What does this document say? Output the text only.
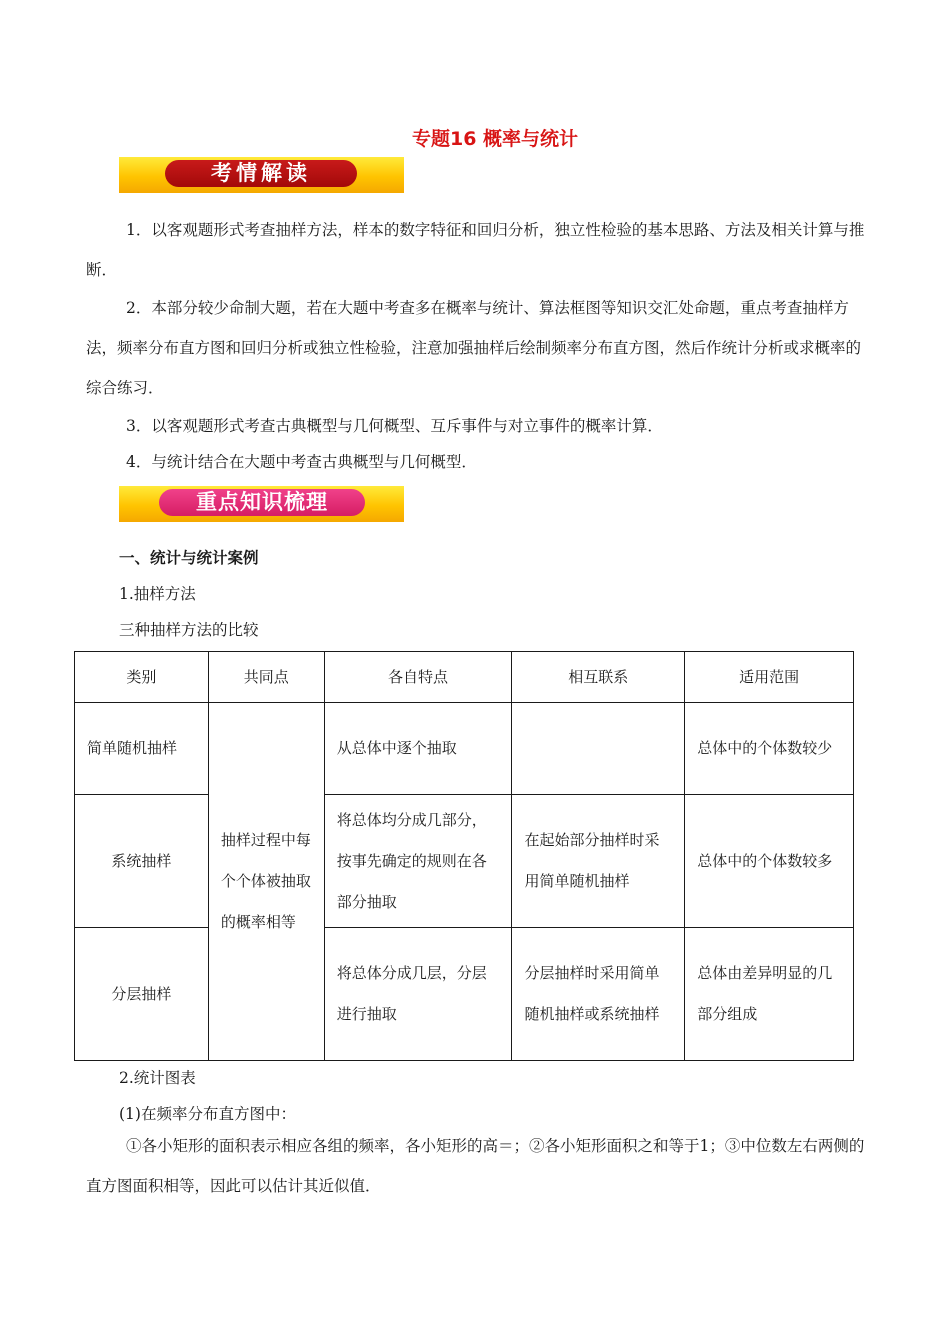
专题16 概率与统计
考情解读

1．以客观题形式考查抽样方法，样本的数字特征和回归分析，独立性检验的基本思路、方法及相关计算与推断．

2．本部分较少命制大题，若在大题中考查多在概率与统计、算法框图等知识交汇处命题，重点考查抽样方法，频率分布直方图和回归分析或独立性检验，注意加强抽样后绘制频率分布直方图，然后作统计分析或求概率的综合练习．

3．以客观题形式考查古典概型与几何概型、互斥事件与对立事件的概率计算．

4．与统计结合在大题中考查古典概型与几何概型．

重点知识梳理
一、统计与统计案例
1.抽样方法
三种抽样方法的比较
类别	共同点	各自特点	相互联系	适用范围
简单随机抽样	抽样过程中每个个体被抽取的概率相等	从总体中逐个抽取		总体中的个体数较少
系统抽样		将总体均分成几部分，按事先确定的规则在各部分抽取	在起始部分抽样时采用简单随机抽样	总体中的个体数较多
分层抽样		将总体分成几层，分层进行抽取	分层抽样时采用简单随机抽样或系统抽样	总体由差异明显的几部分组成
2.统计图表
(1)在频率分布直方图中：

①各小矩形的面积表示相应各组的频率，各小矩形的高＝；②各小矩形面积之和等于1；③中位数左右两侧的直方图面积相等，因此可以估计其近似值．
